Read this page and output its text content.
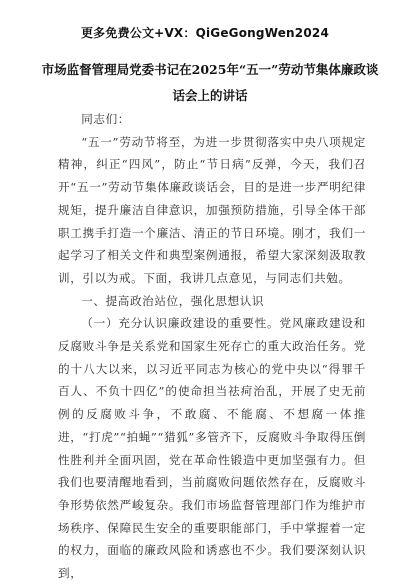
更多免费公文+VX：QiGeGongWen2024
市场监督管理局党委书记在2025年“五一”劳动节集体廉政谈话会上的讲话

同志们：

“五一”劳动节将至，为进一步贯彻落实中央八项规定精神，纠正“四风”，防止“节日病”反弹，今天，我们召开“五一”劳动节集体廉政谈话会，目的是进一步严明纪律规矩，提升廉洁自律意识，加强预防措施，引导全体干部职工携手打造一个廉洁、清正的节日环境。刚才，我们一起学习了相关文件和典型案例通报，希望大家深刻汲取教训，引以为戒。下面，我讲几点意见，与同志们共勉。

一、提高政治站位，强化思想认识

（一）充分认识廉政建设的重要性。党风廉政建设和反腐败斗争是关系党和国家生死存亡的重大政治任务。党的十八大以来，以习近平同志为核心的党中央以“得罪千百人、不负十四亿”的使命担当祛疴治乱，开展了史无前例的反腐败斗争，不敢腐、不能腐、不想腐一体推进，“打虎”“拍蝇”“猎狐”多管齐下，反腐败斗争取得压倒性胜利并全面巩固，党在革命性锻造中更加坚强有力。但我们也要清醒地看到，当前腐败问题依然存在，反腐败斗争形势依然严峻复杂。我们市场监督管理部门作为维护市场秩序、保障民生安全的重要职能部门，手中掌握着一定的权力，面临的廉政风险和诱惑也不少。我们要深刻认识到，
